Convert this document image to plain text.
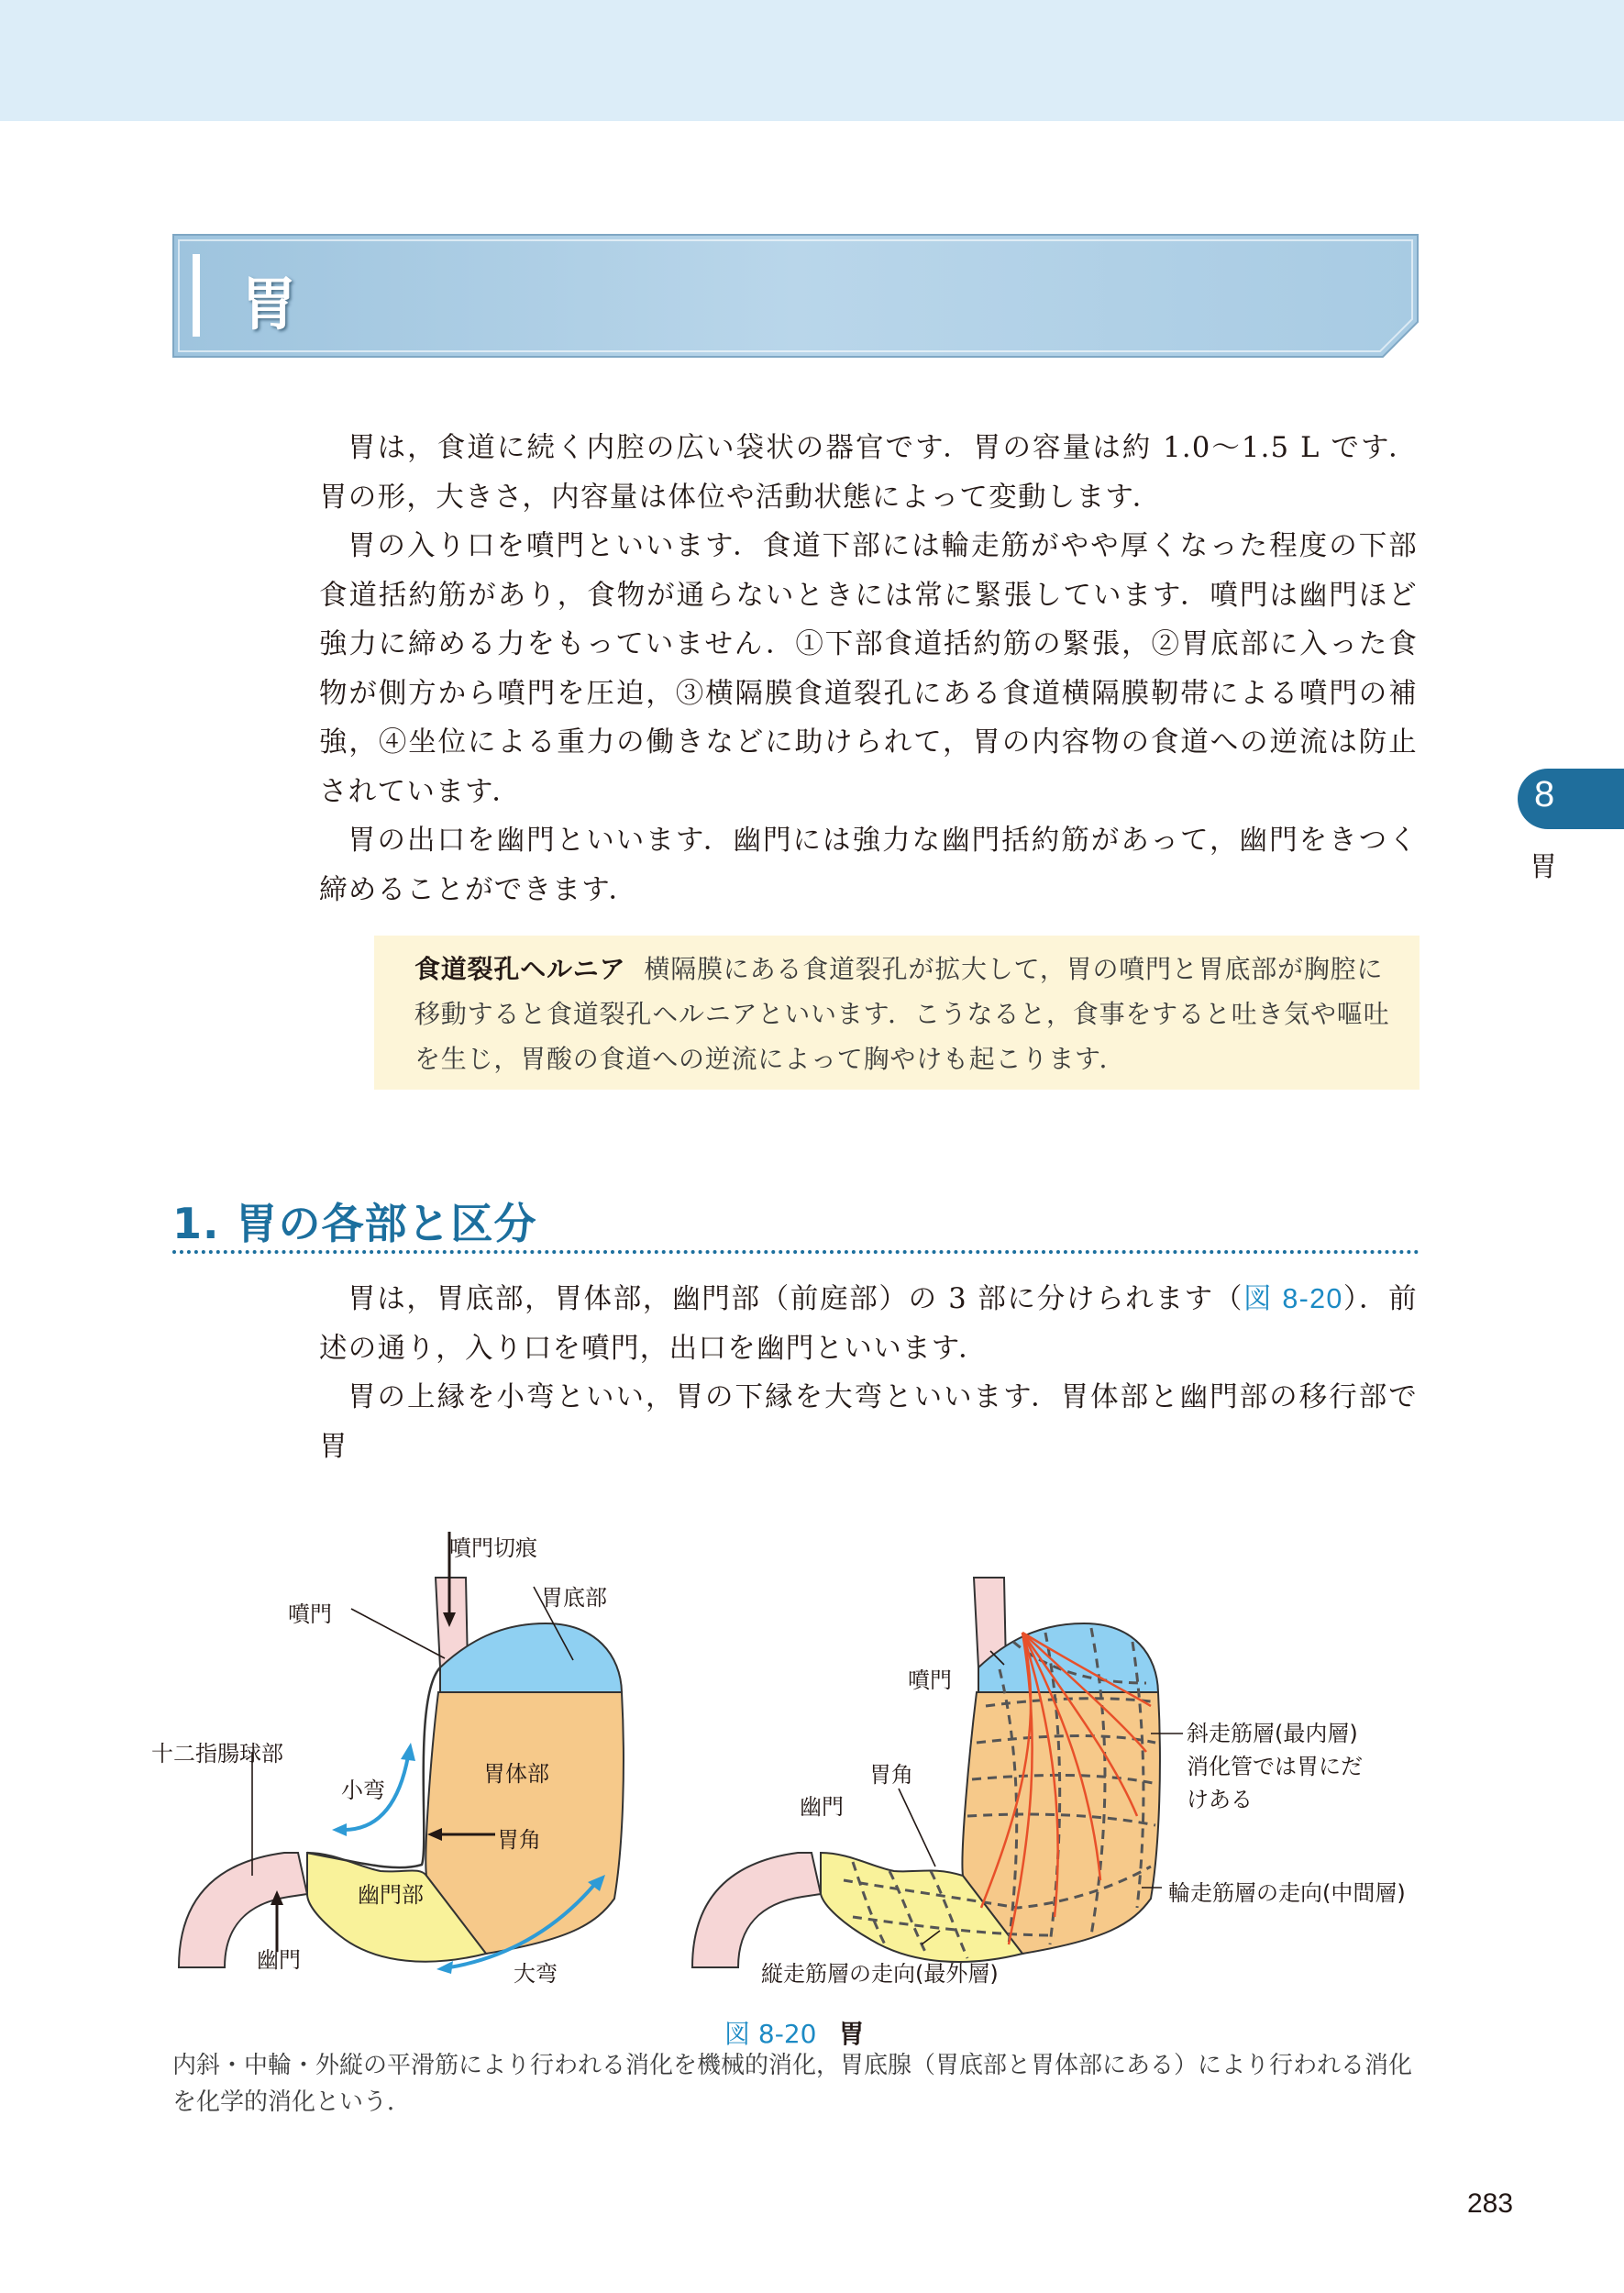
胃

胃は，食道に続く内腔の広い袋状の器官です．胃の容量は約 1.0〜1.5 L です．胃の形，大きさ，内容量は体位や活動状態によって変動します．

胃の入り口を噴門といいます．食道下部には輪走筋がやや厚くなった程度の下部食道括約筋があり，食物が通らないときには常に緊張しています．噴門は幽門ほど強力に締める力をもっていません．①下部食道括約筋の緊張，②胃底部に入った食物が側方から噴門を圧迫，③横隔膜食道裂孔にある食道横隔膜靭帯による噴門の補強，④坐位による重力の働きなどに助けられて，胃の内容物の食道への逆流は防止されています．

胃の出口を幽門といいます．幽門には強力な幽門括約筋があって，幽門をきつく締めることができます．

8
胃
食道裂孔ヘルニア 横隔膜にある食道裂孔が拡大して，胃の噴門と胃底部が胸腔に移動すると食道裂孔ヘルニアといいます．こうなると，食事をすると吐き気や嘔吐を生じ，胃酸の食道への逆流によって胸やけも起こります．
1. 胃の各部と区分

胃は，胃底部，胃体部，幽門部（前庭部）の 3 部に分けられます（図 8-20）．前述の通り，入り口を噴門，出口を幽門といいます．

胃の上縁を小弯といい，胃の下縁を大弯といいます．胃体部と幽門部の移行部で胃

噴門切痕
胃底部
噴門
十二指腸球部
小弯
胃体部
胃角
幽門部
幽門
大弯
噴門
胃角
幽門
斜走筋層(最内層)
消化管では胃にだ
けある
輪走筋層の走向(中間層)
縦走筋層の走向(最外層)
図 8-20 胃
内斜・中輪・外縦の平滑筋により行われる消化を機械的消化，胃底腺（胃底部と胃体部にある）により行われる消化を化学的消化という．
283
